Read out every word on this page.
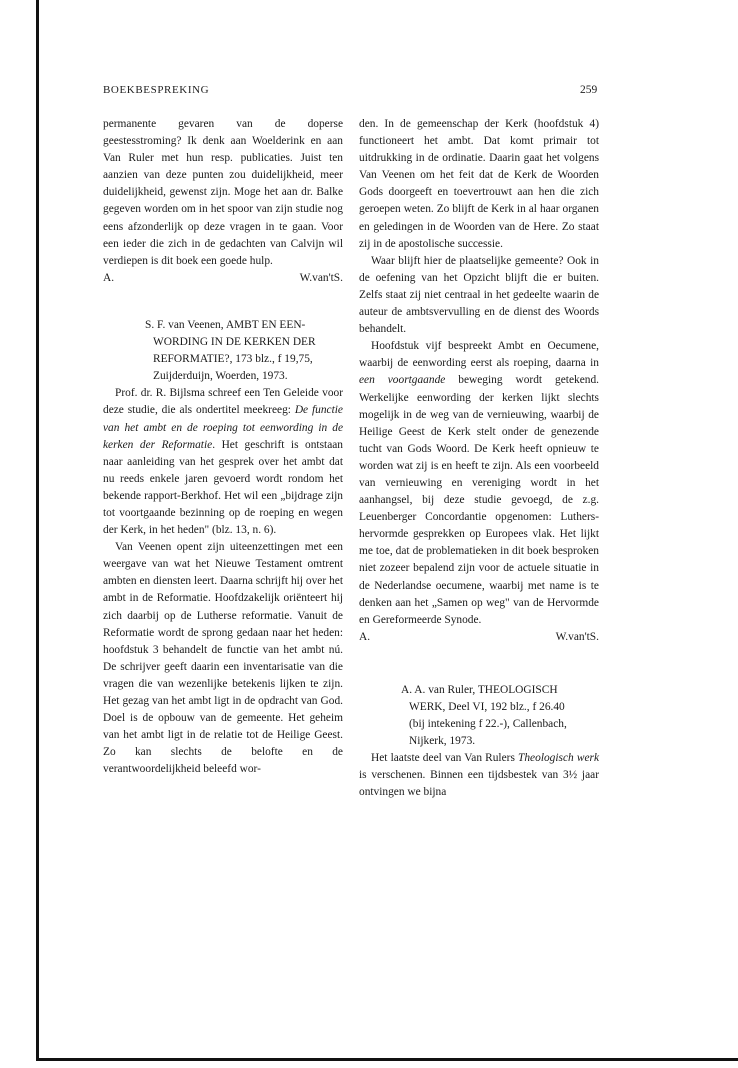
BOEKBESPREKING	259

permanente gevaren van de doperse geestesstroming? Ik denk aan Woelderink en aan Van Ruler met hun resp. publicaties. Juist ten aanzien van deze punten zou duidelijkheid, meer duidelijkheid, gewenst zijn. Moge het aan dr. Balke gegeven worden om in het spoor van zijn studie nog eens afzonderlijk op deze vragen in te gaan. Voor een ieder die zich in de gedachten van Calvijn wil verdiepen is dit boek een goede hulp.

A.	W.van'tS.

S. F. van Veenen, AMBT EN EEN-
WORDING IN DE KERKEN DER
REFORMATIE?, 173 blz., f 19,75,
Zuijderduijn, Woerden, 1973.

Prof. dr. R. Bijlsma schreef een Ten Geleide voor deze studie, die als ondertitel meekreeg: De functie van het ambt en de roeping tot eenwording in de kerken der Reformatie. Het geschrift is ontstaan naar aanleiding van het gesprek over het ambt dat nu reeds enkele jaren gevoerd wordt rondom het bekende rapport-Berkhof. Het wil een „bijdrage zijn tot voortgaande bezinning op de roeping en wegen der Kerk, in het heden" (blz. 13, n. 6).

Van Veenen opent zijn uiteenzettingen met een weergave van wat het Nieuwe Testament omtrent ambten en diensten leert. Daarna schrijft hij over het ambt in de Reformatie. Hoofdzakelijk oriënteert hij zich daarbij op de Lutherse reformatie. Vanuit de Reformatie wordt de sprong gedaan naar het heden: hoofdstuk 3 behandelt de functie van het ambt nú. De schrijver geeft daarin een inventarisatie van die vragen die van wezenlijke betekenis lijken te zijn. Het gezag van het ambt ligt in de opdracht van God. Doel is de opbouw van de gemeente. Het geheim van het ambt ligt in de relatie tot de Heilige Geest. Zo kan slechts de belofte en de verantwoordelijkheid beleefd wor-

den. In de gemeenschap der Kerk (hoofdstuk 4) functioneert het ambt. Dat komt primair tot uitdrukking in de ordinatie. Daarin gaat het volgens Van Veenen om het feit dat de Kerk de Woorden Gods doorgeeft en toevertrouwt aan hen die zich geroepen weten. Zo blijft de Kerk in al haar organen en geledingen in de Woorden van de Here. Zo staat zij in de apostolische successie.

Waar blijft hier de plaatselijke gemeente? Ook in de oefening van het Opzicht blijft die er buiten. Zelfs staat zij niet centraal in het gedeelte waarin de auteur de ambtsvervulling en de dienst des Woords behandelt.

Hoofdstuk vijf bespreekt Ambt en Oecumene, waarbij de eenwording eerst als roeping, daarna in een voortgaande beweging wordt getekend. Werkelijke eenwording der kerken lijkt slechts mogelijk in de weg van de vernieuwing, waarbij de Heilige Geest de Kerk stelt onder de genezende tucht van Gods Woord. De Kerk heeft opnieuw te worden wat zij is en heeft te zijn. Als een voorbeeld van vernieuwing en vereniging wordt in het aanhangsel, bij deze studie gevoegd, de z.g. Leuenberger Concordantie opgenomen: Luthers-hervormde gesprekken op Europees vlak. Het lijkt me toe, dat de problematieken in dit boek besproken niet zozeer bepalend zijn voor de actuele situatie in de Nederlandse oecumene, waarbij met name is te denken aan het „Samen op weg" van de Hervormde en Gereformeerde Synode.

A.	W.van'tS.

A. A. van Ruler, THEOLOGISCH
WERK, Deel VI, 192 blz., f 26.40
(bij intekening f 22.-), Callenbach,
Nijkerk, 1973.

Het laatste deel van Van Rulers Theologisch werk is verschenen. Binnen een tijdsbestek van 3½ jaar ontvingen we bijna
